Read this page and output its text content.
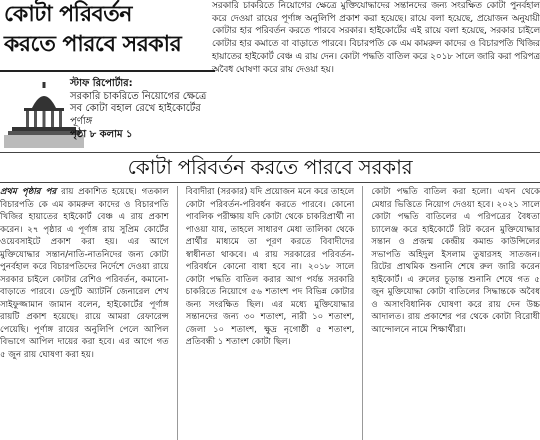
কোটা পরিবর্তন
করতে পারবে সরকার
স্টাফ রিপোর্টার:
সরকারি চাকরিতে নিয়োগের ক্ষেত্রে সব কোটা বহাল রেখে হাইকোর্টের পূর্ণাঙ্গ
পৃষ্ঠা ৮ কলাম ১
সরকারি চাকরিতে নিয়োগের ক্ষেত্রে মুক্তিযোদ্ধাদের সন্তানদের জন্য সংরক্ষিত কোটা পুনর্বহাল করে দেওয়া রায়ের পূর্ণাঙ্গ অনুলিপি প্রকাশ করা হয়েছে। রায়ে বলা হয়েছে, প্রয়োজন অনুযায়ী কোটার হার পরিবর্তন করতে পারবে সরকার। হাইকোর্টের এই রায়ে বলা হয়েছে, সরকার চাইলে কোটার হার কমাতে বা বাড়াতে পারবে। বিচারপতি কে এম কামরুল কাদের ও বিচারপতি খিজির হায়াতের হাইকোর্ট বেঞ্চ এ রায় দেন। কোটা পদ্ধতি বাতিল করে ২০১৮ সালে জারি করা পরিপত্র অবৈধ ঘোষণা করে রায় দেওয়া হয়।
কোটা পরিবর্তন করতে পারবে সরকার
প্রথম পৃষ্ঠার পর রায় প্রকাশিত হয়েছে। গতকাল বিচারপতি কে এম কামরুল কাদের ও বিচারপতি খিজির হায়াতের হাইকোর্ট বেঞ্চ এ রায় প্রকাশ করেন। ২৭ পৃষ্ঠার এ পূর্ণাঙ্গ রায় সুপ্রিম কোর্টের ওয়েবসাইটে প্রকাশ করা হয়। এর আগে মুক্তিযোদ্ধার সন্তান/নাতি-নাতনিদের জন্য কোটা পুনর্বহাল করে বিচারপতিদের নির্দেশে দেওয়া রায়ে সরকার চাইলে কোটার রেশিও পরিবর্তন, কমানো-বাড়াতে পারবে। ডেপুটি অ্যাটর্নি জেনারেল শেখ সাইফুজ্জামান জামান বলেন, হাইকোর্টের পূর্ণাঙ্গ রায়টি প্রকাশ হয়েছে। রায়ে আমরা রেফারেন্স পেয়েছি। পূর্ণাঙ্গ রায়ের অনুলিপি পেলে আপিল বিভাগে আপিল দায়ের করা হবে। এর আগে গত ৫ জুন রায় ঘোষণা করা হয়।
বিবাদীরা (সরকার) যদি প্রয়োজন মনে করে তাহলে কোটা পরিবর্তন-পরিবর্ধন করতে পারবে। কোনো পাবলিক পরীক্ষায় যদি কোটা থেকে চাকরিপ্রার্থী না পাওয়া যায়, তাহলে সাধারণ মেধা তালিকা থেকে প্রার্থীর মাধ্যমে তা পূরণ করতে বিবাদীদের স্বাধীনতা থাকবে। এ রায় সরকারের পরিবর্তন-পরিবর্ধনে কোনো বাধা হবে না। ২০১৮ সালে কোটা পদ্ধতি বাতিল করার আগ পর্যন্ত সরকারি চাকরিতে নিয়োগে ৫৬ শতাংশ পদ বিভিন্ন কোটার জন্য সংরক্ষিত ছিল। এর মধ্যে মুক্তিযোদ্ধার সন্তানদের জন্য ৩০ শতাংশ, নারী ১০ শতাংশ, জেলা ১০ শতাংশ, ক্ষুদ্র নৃগোষ্ঠী ৫ শতাংশ, প্রতিবন্ধী ১ শতাংশ কোটা ছিল।
কোটা পদ্ধতি বাতিল করা হলো। এখন থেকে মেধার ভিত্তিতে নিয়োগ দেওয়া হবে। ২০২১ সালে কোটা পদ্ধতি বাতিলের এ পরিপত্রের বৈধতা চ্যালেঞ্জ করে হাইকোর্টে রিট করেন মুক্তিযোদ্ধার সন্তান ও প্রজন্ম কেন্দ্রীয় কমান্ড কাউন্সিলের সভাপতি অহিদুল ইসলাম তুষারসহ সাতজন। রিটের প্রাথমিক শুনানি শেষে রুল জারি করেন হাইকোর্ট। এ রুলের চূড়ান্ত শুনানি শেষে গত ৫ জুন মুক্তিযোদ্ধা কোটা বাতিলের সিদ্ধান্তকে অবৈধ ও অসাংবিধানিক ঘোষণা করে রায় দেন উচ্চ আদালত। রায় প্রকাশের পর থেকে কোটা বিরোধী আন্দোলনে নামে শিক্ষার্থীরা।
